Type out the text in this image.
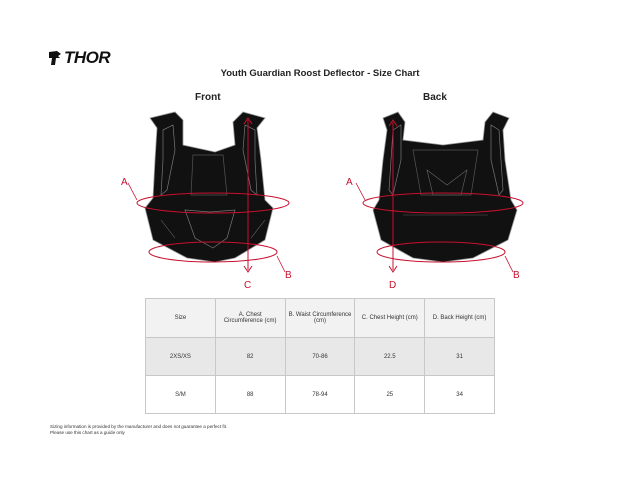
THOR
Youth Guardian Roost Deflector - Size Chart
Front	Back
A
B
C
A
B
D
Size	A. Chest Circumference (cm)	B. Waist Circumference (cm)	C. Chest Height (cm)	D. Back Height (cm)
2XS/XS	82	70-86	22.5	31
S/M	88	78-94	25	34
Sizing information is provided by the manufacturer and does not guarantee a perfect fit.
Please use this chart as a guide only
